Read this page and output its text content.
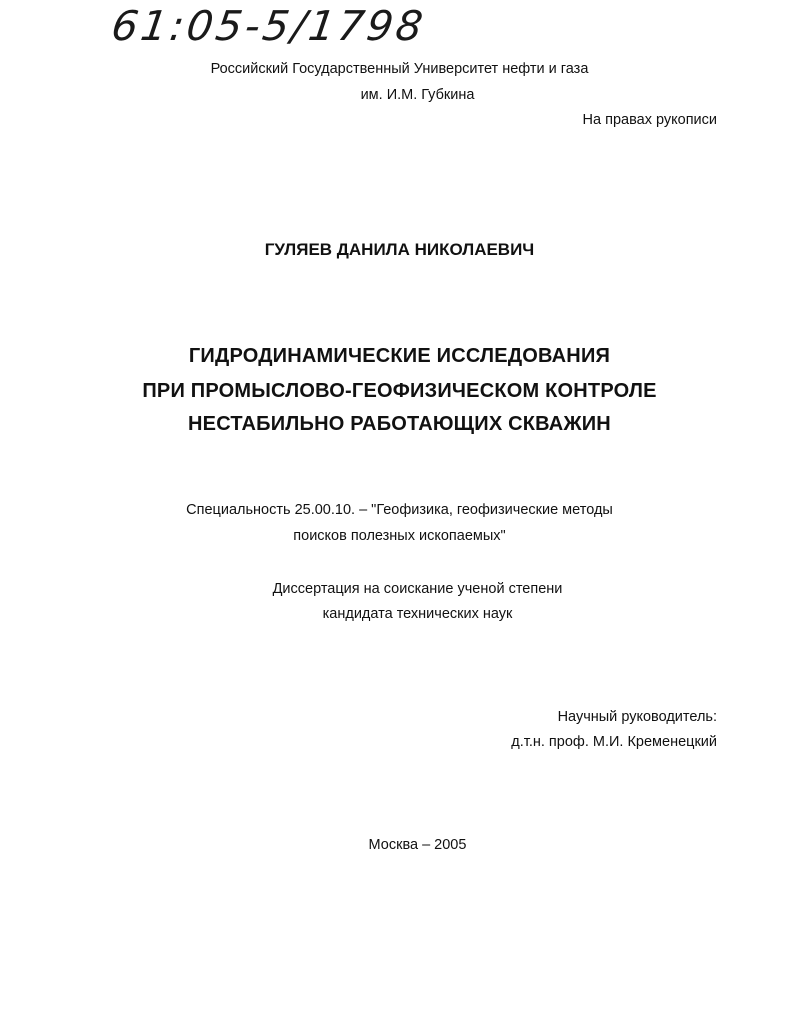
61:05-5/1798
Российский Государственный Университет нефти и газа
им. И.М. Губкина
На правах рукописи
ГУЛЯЕВ ДАНИЛА НИКОЛАЕВИЧ
ГИДРОДИНАМИЧЕСКИЕ ИССЛЕДОВАНИЯ
ПРИ ПРОМЫСЛОВО-ГЕОФИЗИЧЕСКОМ КОНТРОЛЕ
НЕСТАБИЛЬНО РАБОТАЮЩИХ СКВАЖИН
Специальность 25.00.10. – "Геофизика, геофизические методы
поисков полезных ископаемых"
Диссертация на соискание ученой степени
кандидата технических наук
Научный руководитель:
д.т.н. проф. М.И. Кременецкий
Москва – 2005
